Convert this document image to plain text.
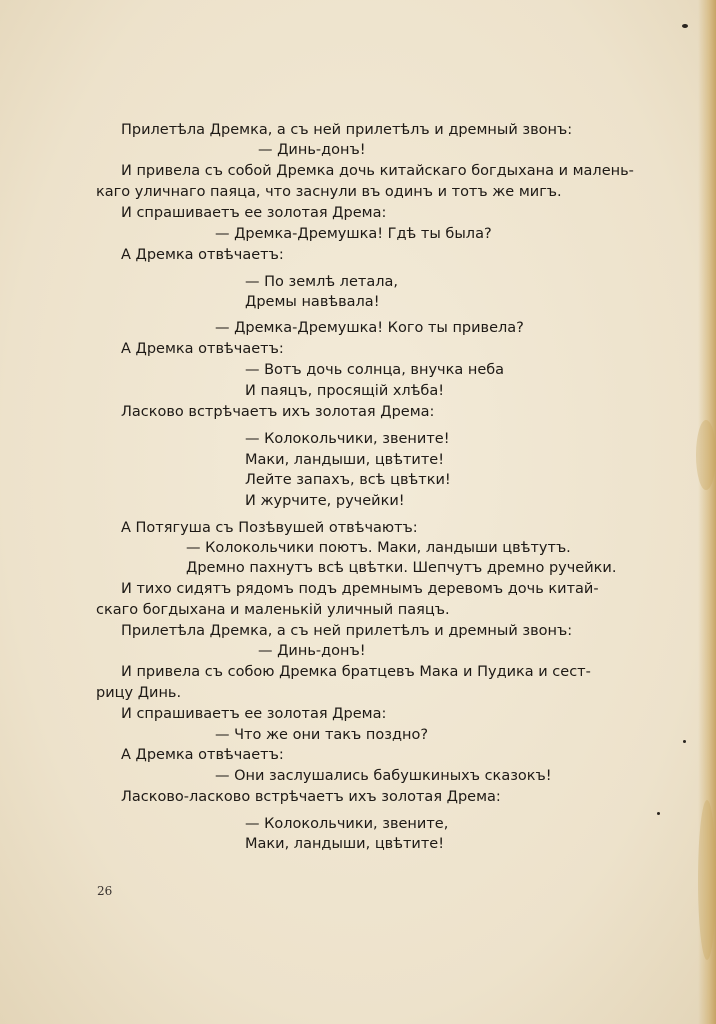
Прилетѣла Дремка, а съ ней прилетѣлъ и дремный звонъ:
— Динь-донъ!
И привела съ собой Дремка дочь китайскаго богдыхана и малень-
каго уличнаго паяца, что заснули въ одинъ и тотъ же мигъ.
И спрашиваетъ ее золотая Дрема:
— Дремка-Дремушка! Гдѣ ты была?
А Дремка отвѣчаетъ:
— По землѣ летала,
Дремы навѣвала!
— Дремка-Дремушка! Кого ты привела?
А Дремка отвѣчаетъ:
— Вотъ дочь солнца, внучка неба
И паяцъ, просящій хлѣба!
Ласково встрѣчаетъ ихъ золотая Дрема:
— Колокольчики, звените!
Маки, ландыши, цвѣтите!
Лейте запахъ, всѣ цвѣтки!
И журчите, ручейки!
А Потягуша съ Позѣвушей отвѣчаютъ:
— Колокольчики поютъ. Маки, ландыши цвѣтутъ.
Дремно пахнутъ всѣ цвѣтки. Шепчутъ дремно ручейки.
И тихо сидятъ рядомъ подъ дремнымъ деревомъ дочь китай-
скаго богдыхана и маленькій уличный паяцъ.
Прилетѣла Дремка, а съ ней прилетѣлъ и дремный звонъ:
— Динь-донъ!
И привела съ собою Дремка братцевъ Мака и Пудика и сест-
рицу Динь.
И спрашиваетъ ее золотая Дрема:
— Что же они такъ поздно?
А Дремка отвѣчаетъ:
— Они заслушались бабушкиныхъ сказокъ!
Ласково-ласково встрѣчаетъ ихъ золотая Дрема:
— Колокольчики, звените,
Маки, ландыши, цвѣтите!
26
